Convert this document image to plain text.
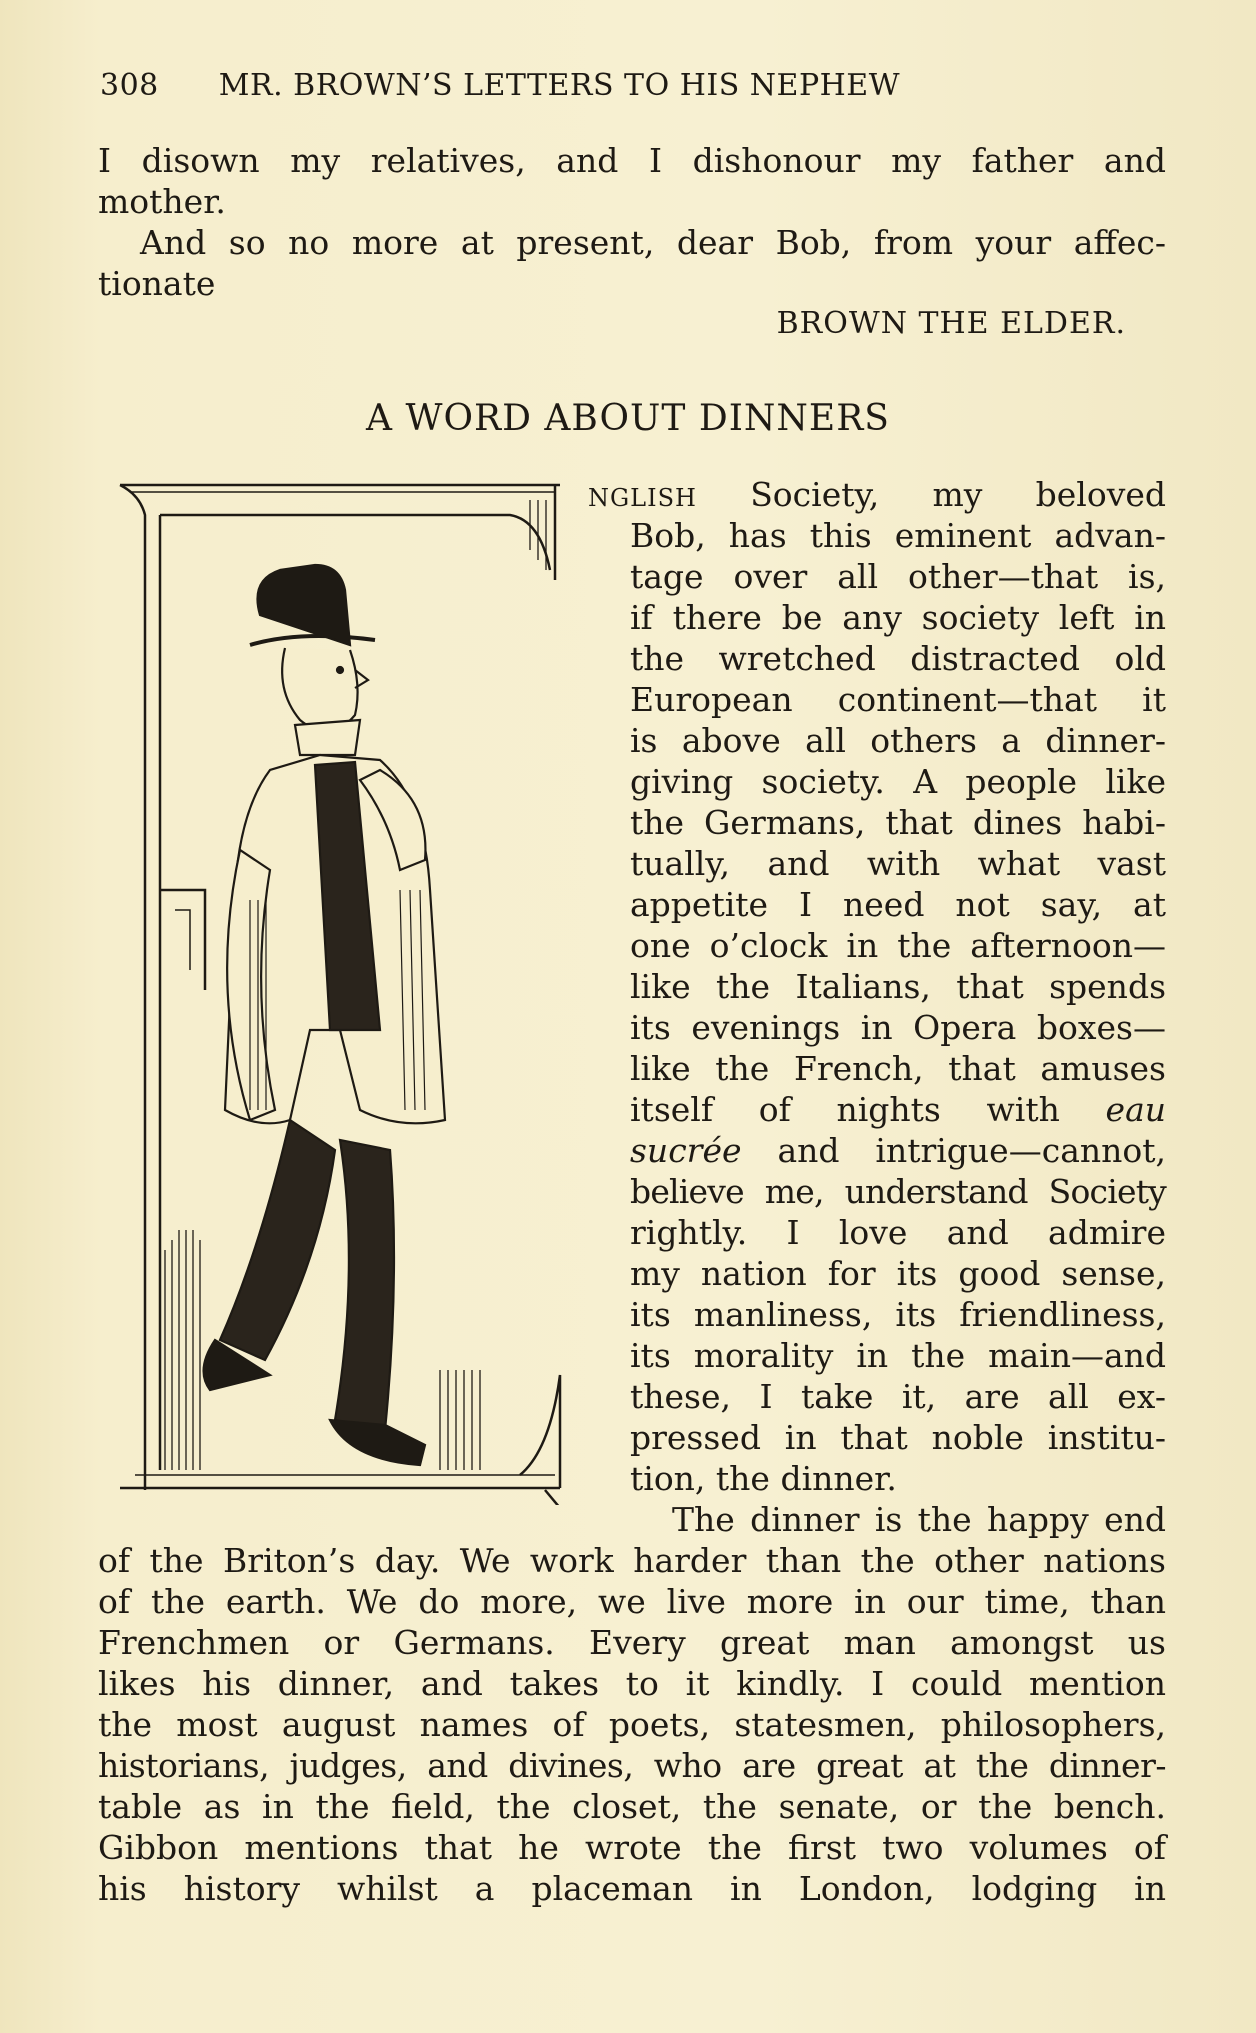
308 MR. BROWN’S LETTERS TO HIS NEPHEW
I disown my relatives, and I dishonour my father and
mother.
And so no more at present, dear Bob, from your affec-
tionate
BROWN THE ELDER.
A WORD ABOUT DINNERS
NGLISH Society, my beloved
Bob, has this eminent advan-
tage over all other—that is,
if there be any society left in
the wretched distracted old
European continent—that it
is above all others a dinner-
giving society. A people like
the Germans, that dines habi-
tually, and with what vast
appetite I need not say, at
one o’clock in the afternoon—
like the Italians, that spends
its evenings in Opera boxes—
like the French, that amuses
itself of nights with eau
sucrée and intrigue—cannot,
believe me, understand Society
rightly. I love and admire
my nation for its good sense,
its manliness, its friendliness,
its morality in the main—and
these, I take it, are all ex-
pressed in that noble institu-
tion, the dinner.
The dinner is the happy end
of the Briton’s day. We work harder than the other nations
of the earth. We do more, we live more in our time, than
Frenchmen or Germans. Every great man amongst us
likes his dinner, and takes to it kindly. I could mention
the most august names of poets, statesmen, philosophers,
historians, judges, and divines, who are great at the dinner-
table as in the field, the closet, the senate, or the bench.
Gibbon mentions that he wrote the first two volumes of
his history whilst a placeman in London, lodging in
